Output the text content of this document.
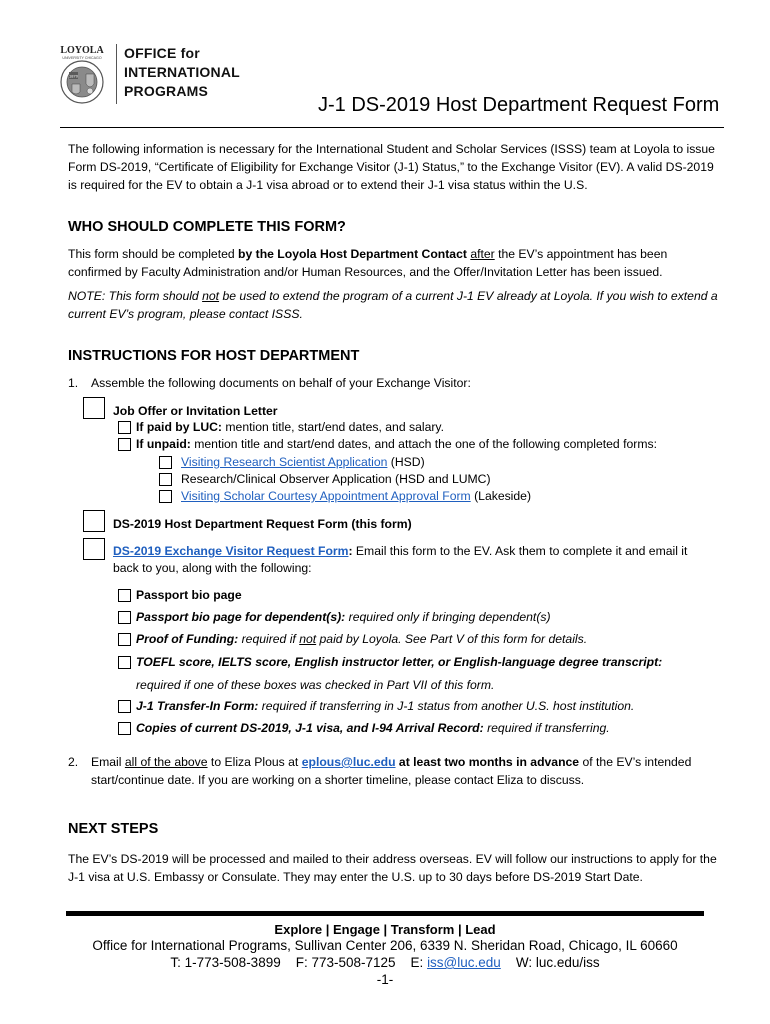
LOYOLA
UNIVERSITY CHICAGO
1870
OFFICE for
INTERNATIONAL
PROGRAMS
J-1 DS-2019 Host Department Request Form
The following information is necessary for the International Student and Scholar Services (ISSS) team at Loyola to issue Form DS-2019, “Certificate of Eligibility for Exchange Visitor (J-1) Status,” to the Exchange Visitor (EV). A valid DS-2019 is required for the EV to obtain a J-1 visa abroad or to extend their J-1 visa status within the U.S.
WHO SHOULD COMPLETE THIS FORM?
This form should be completed by the Loyola Host Department Contact after the EV’s appointment has been confirmed by Faculty Administration and/or Human Resources, and the Offer/Invitation Letter has been issued.
NOTE: This form should not be used to extend the program of a current J-1 EV already at Loyola. If you wish to extend a current EV’s program, please contact ISSS.
INSTRUCTIONS FOR HOST DEPARTMENT
1. Assemble the following documents on behalf of your Exchange Visitor:
Job Offer or Invitation Letter
If paid by LUC: mention title, start/end dates, and salary.
If unpaid: mention title and start/end dates, and attach the one of the following completed forms:
Visiting Research Scientist Application (HSD)
Research/Clinical Observer Application (HSD and LUMC)
Visiting Scholar Courtesy Appointment Approval Form (Lakeside)
DS-2019 Host Department Request Form (this form)
DS-2019 Exchange Visitor Request Form: Email this form to the EV. Ask them to complete it and email it
back to you, along with the following:
Passport bio page
Passport bio page for dependent(s): required only if bringing dependent(s)
Proof of Funding: required if not paid by Loyola. See Part V of this form for details.
TOEFL score, IELTS score, English instructor letter, or English-language degree transcript:
required if one of these boxes was checked in Part VII of this form.
J-1 Transfer-In Form: required if transferring in J-1 status from another U.S. host institution.
Copies of current DS-2019, J-1 visa, and I-94 Arrival Record: required if transferring.
2. Email all of the above to Eliza Plous at eplous@luc.edu at least two months in advance of the EV’s intended
start/continue date. If you are working on a shorter timeline, please contact Eliza to discuss.
NEXT STEPS
The EV’s DS-2019 will be processed and mailed to their address overseas. EV will follow our instructions to apply for the J-1 visa at U.S. Embassy or Consulate. They may enter the U.S. up to 30 days before DS-2019 Start Date.
Explore | Engage | Transform | Lead
Office for International Programs, Sullivan Center 206, 6339 N. Sheridan Road, Chicago, IL 60660
T: 1-773-508-3899    F: 773-508-7125    E: iss@luc.edu    W: luc.edu/iss
-1-
